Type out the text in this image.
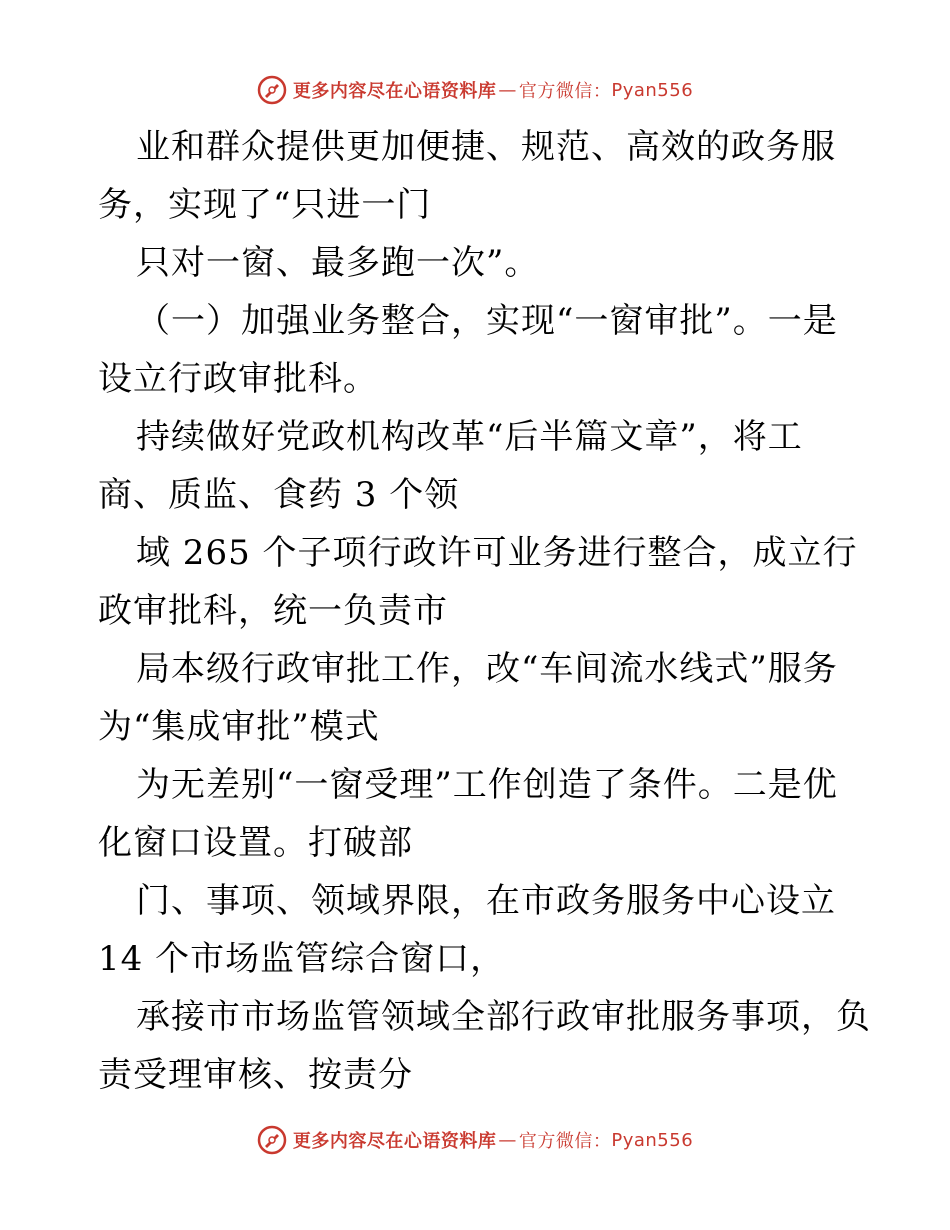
更多内容尽在心语资料库 — 官方微信： Pyan556
业和群众提供更加便捷、规范、高效的政务服
务，实现了“只进一门
只对一窗、最多跑一次”。
（一）加强业务整合，实现“一窗审批”。一是
设立行政审批科。
持续做好党政机构改革“后半篇文章”，将工
商、质监、食药 3 个领
域 265 个子项行政许可业务进行整合，成立行
政审批科，统一负责市
局本级行政审批工作，改“车间流水线式”服务
为“集成审批”模式
为无差别“一窗受理”工作创造了条件。二是优
化窗口设置。打破部
门、事项、领域界限，在市政务服务中心设立
14 个市场监管综合窗口，
承接市市场监管领域全部行政审批服务事项，负
责受理审核、按责分
更多内容尽在心语资料库 — 官方微信： Pyan556
